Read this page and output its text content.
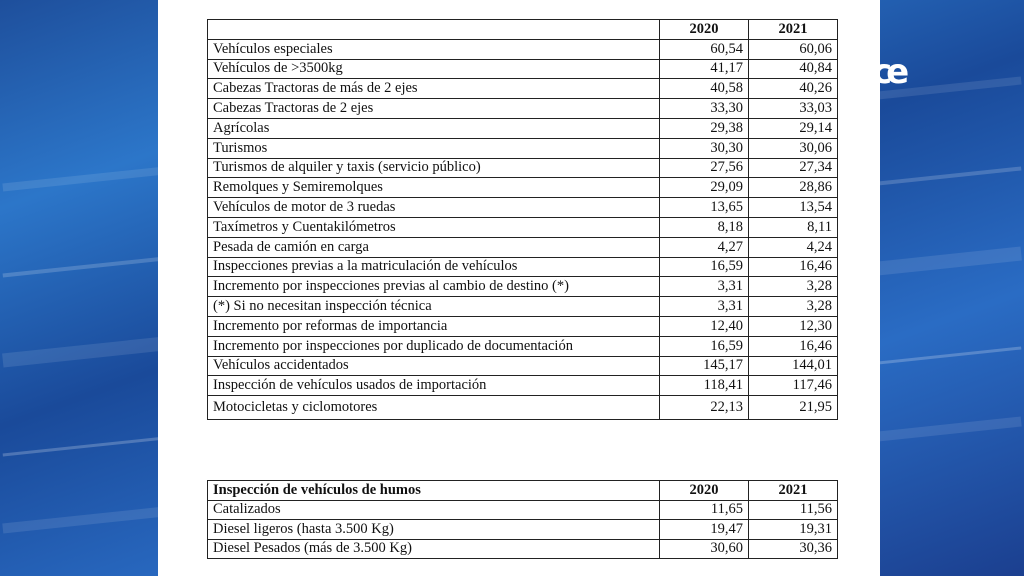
ce
	2020	2021
Vehículos especiales	60,54	60,06
Vehículos de >3500kg	41,17	40,84
Cabezas Tractoras de más de 2 ejes	40,58	40,26
Cabezas Tractoras de 2 ejes	33,30	33,03
Agrícolas	29,38	29,14
Turismos	30,30	30,06
Turismos de alquiler y taxis (servicio público)	27,56	27,34
Remolques y Semiremolques	29,09	28,86
Vehículos de motor de 3 ruedas	13,65	13,54
Taxímetros y Cuentakilómetros	8,18	8,11
Pesada de camión en carga	4,27	4,24
Inspecciones previas a la matriculación de vehículos	16,59	16,46
Incremento por inspecciones previas al cambio de destino (*)	3,31	3,28
(*) Si no necesitan inspección técnica	3,31	3,28
Incremento por reformas de importancia	12,40	12,30
Incremento por inspecciones por duplicado de documentación	16,59	16,46
Vehículos accidentados	145,17	144,01
Inspección de vehículos usados de importación	118,41	117,46
Motocicletas y ciclomotores	22,13	21,95
Inspección de vehículos de humos	2020	2021
Catalizados	11,65	11,56
Diesel ligeros (hasta 3.500 Kg)	19,47	19,31
Diesel Pesados (más de 3.500 Kg)	30,60	30,36
